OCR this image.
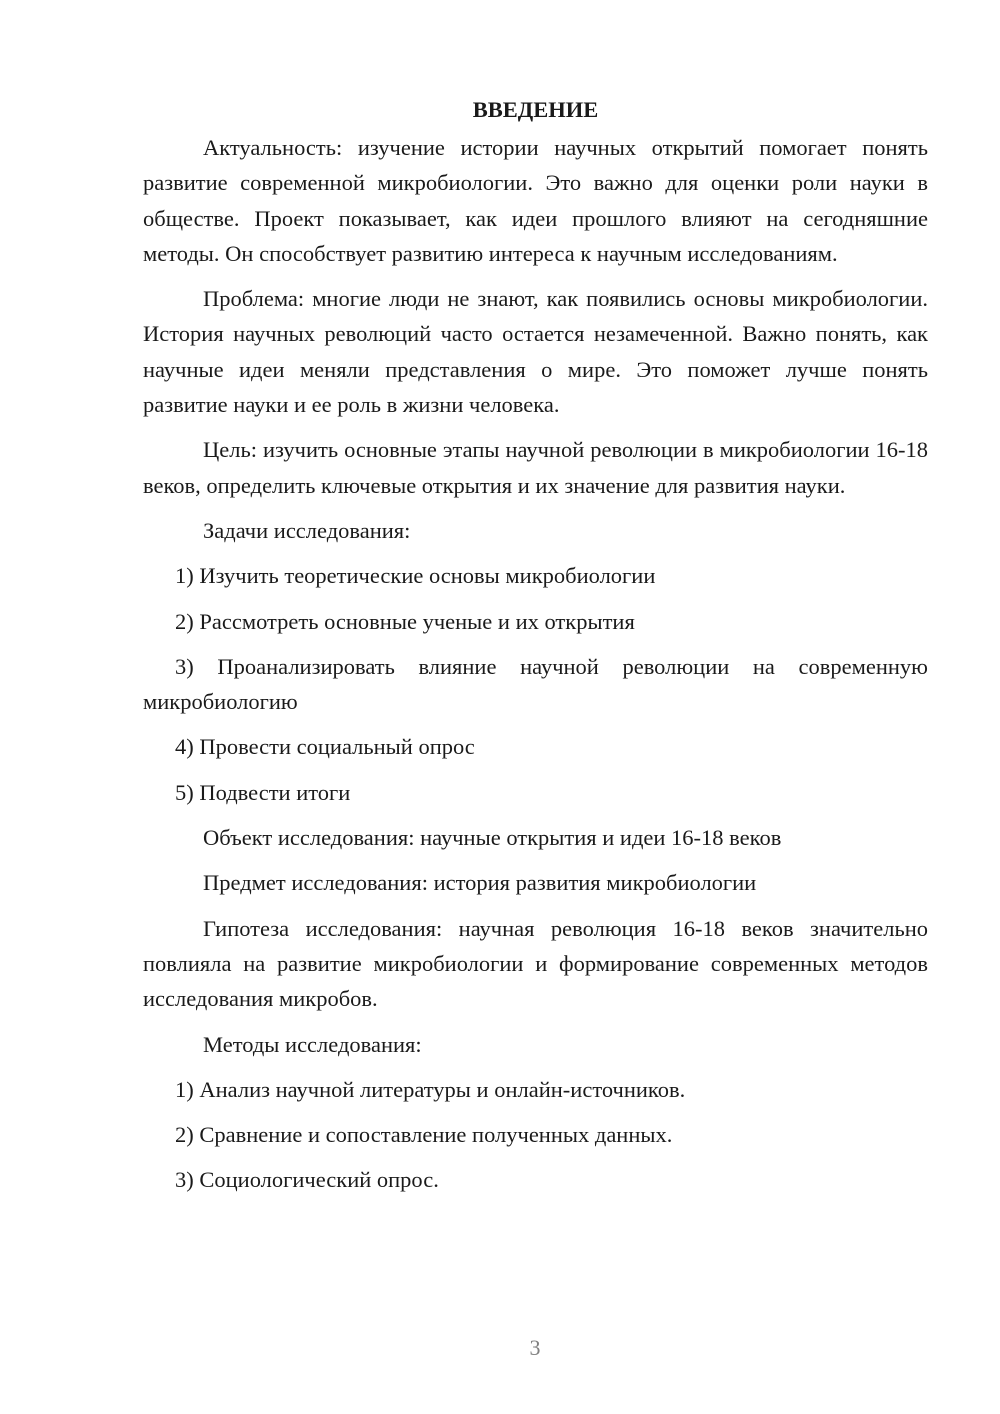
ВВЕДЕНИЕ

Актуальность: изучение истории научных открытий помогает понять развитие современной микробиологии. Это важно для оценки роли науки в обществе. Проект показывает, как идеи прошлого влияют на сегодняшние методы. Он способствует развитию интереса к научным исследованиям.

Проблема: многие люди не знают, как появились основы микробиологии. История научных революций часто остается незамеченной. Важно понять, как научные идеи меняли представления о мире. Это поможет лучше понять развитие науки и ее роль в жизни человека.

Цель: изучить основные этапы научной революции в микробиологии 16-18 веков, определить ключевые открытия и их значение для развития науки.

Задачи исследования:

1) Изучить теоретические основы микробиологии

2) Рассмотреть основные ученые и их открытия

3) Проанализировать влияние научной революции на современную микробиологию

4) Провести социальный опрос

5) Подвести итоги

Объект исследования: научные открытия и идеи 16-18 веков

Предмет исследования: история развития микробиологии

Гипотеза исследования: научная революция 16-18 веков значительно повлияла на развитие микробиологии и формирование современных методов исследования микробов.

Методы исследования:

1) Анализ научной литературы и онлайн-источников.

2) Сравнение и сопоставление полученных данных.

3) Социологический опрос.

3
